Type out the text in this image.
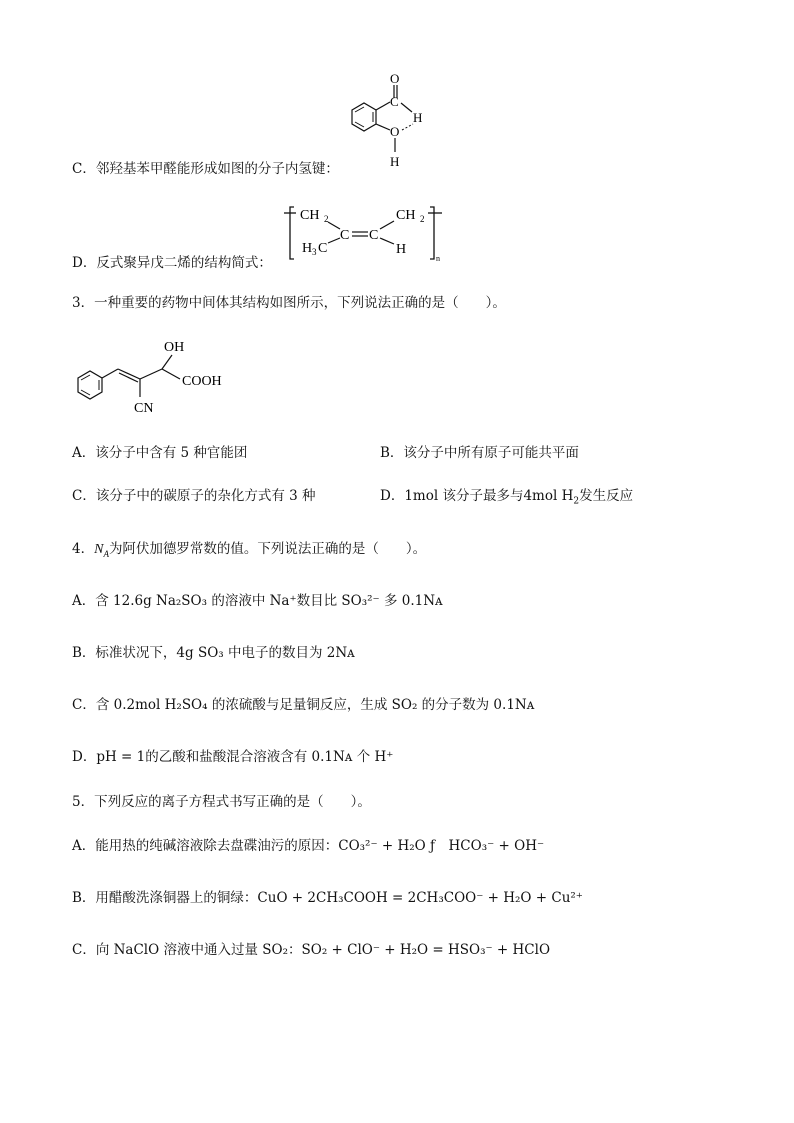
O
C
H
O
H
C．邻羟基苯甲醛能形成如图的分子内氢键：
CH 2
H 3 C
C C
CH 2
H
n
D．反式聚异戊二烯的结构简式：
3．一种重要的药物中间体其结构如图所示，下列说法正确的是（　　）。
OH
COOH
CN
A．该分子中含有 5 种官能团	B．该分子中所有原子可能共平面
C．该分子中的碳原子的杂化方式有 3 种	D．1mol 该分子最多与4mol $H_2$发生反应
4．$N_A$为阿伏加德罗常数的值。下列说法正确的是（　　）。
A．含 12.6g Na₂SO₃ 的溶液中 Na⁺数目比 SO₃²⁻ 多 0.1Nᴀ
B．标准状况下，4g SO₃ 中电子的数目为 2Nᴀ
C．含 0.2mol H₂SO₄ 的浓硫酸与足量铜反应，生成 SO₂ 的分子数为 0.1Nᴀ
D．pH = 1的乙酸和盐酸混合溶液含有 0.1Nᴀ 个 H⁺
5．下列反应的离子方程式书写正确的是（　　）。
A．能用热的纯碱溶液除去盘碟油污的原因：CO₃²⁻ + H₂O ƒ　HCO₃⁻ + OH⁻
B．用醋酸洗涤铜器上的铜绿：CuO + 2CH₃COOH = 2CH₃COO⁻ + H₂O + Cu²⁺
C．向 NaClO 溶液中通入过量 SO₂：SO₂ + ClO⁻ + H₂O = HSO₃⁻ + HClO
